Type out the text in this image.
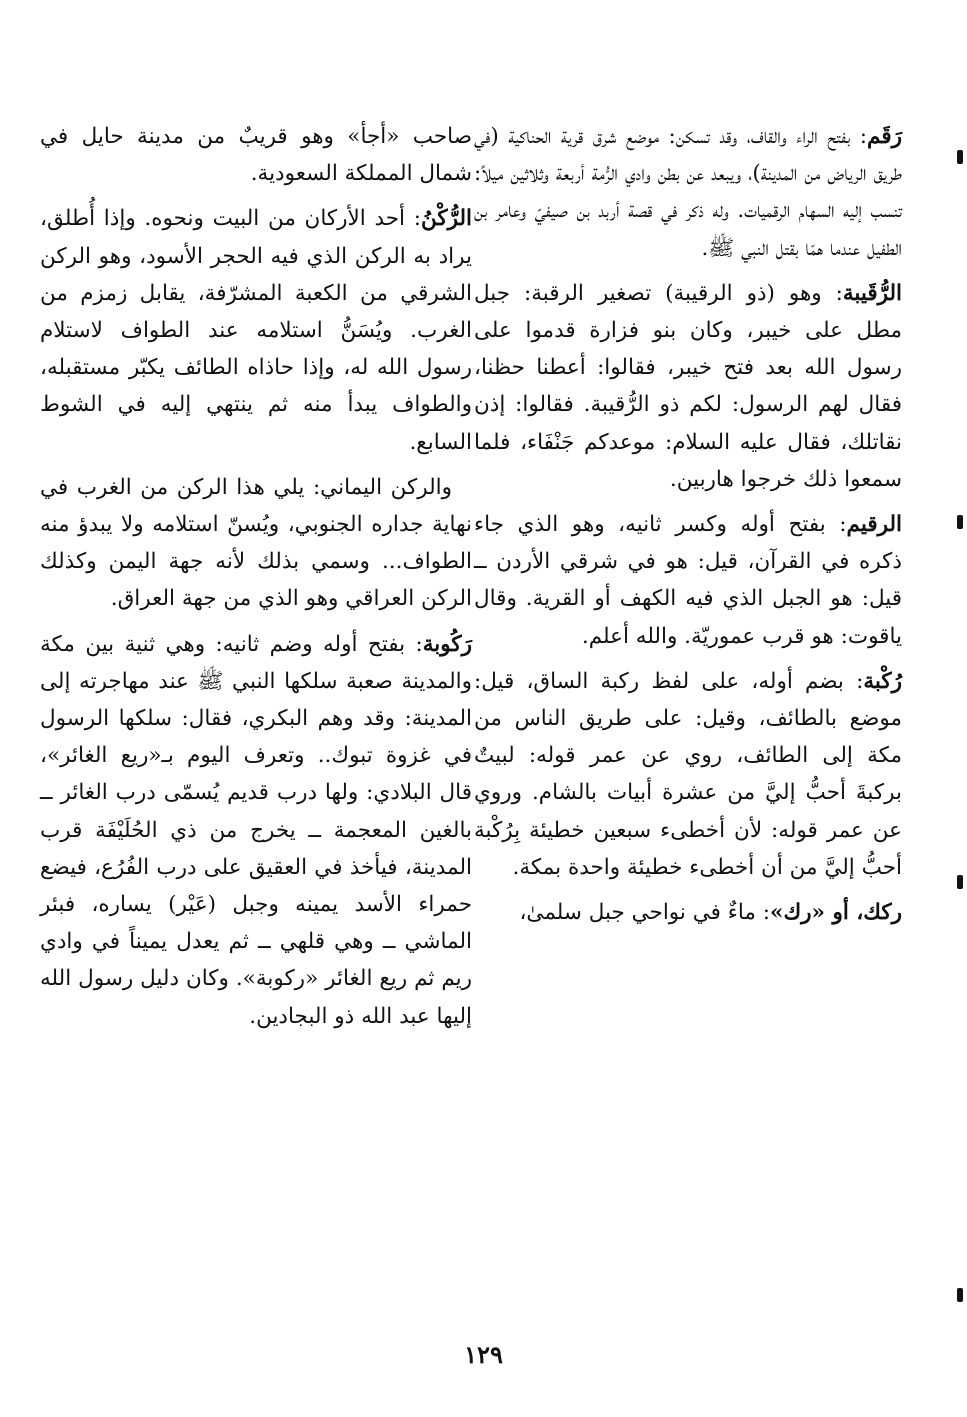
رَقَم: بفتح الراء والقاف، وقد تسكن: موضع شرق قرية الحناكية (في طريق الرياض من المدينة)، ويبعد عن بطن وادي الرُّمة أربعة وثلاثين ميلاً: تنسب إليه السهام الرقميات. وله ذكر في قصة أربد بن صيفيّ وعامر بن الطفيل عندما همّا بقتل النبي ﷺ.

الرُّقَيبة: وهو (ذو الرقيبة) تصغير الرقبة: جبل مطل على خيبر، وكان بنو فزارة قدموا على رسول الله بعد فتح خيبر، فقالوا: أعطنا حظنا، فقال لهم الرسول: لكم ذو الرُّقيبة. فقالوا: إذن نقاتلك، فقال عليه السلام: موعدكم جَنْفَاء، فلما سمعوا ذلك خرجوا هاربين.

الرقيم: بفتح أوله وكسر ثانيه، وهو الذي جاء ذكره في القرآن، قيل: هو في شرقي الأردن ــ قيل: هو الجبل الذي فيه الكهف أو القرية. وقال ياقوت: هو قرب عموريّة. والله أعلم.

رُكْبة: بضم أوله، على لفظ ركبة الساق، قيل: موضع بالطائف، وقيل: على طريق الناس من مكة إلى الطائف، روي عن عمر قوله: لبيتٌ بركبةَ أحبُّ إليَّ من عشرة أبيات بالشام. وروي عن عمر قوله: لأن أخطىء سبعين خطيئة بِرُكْبة أحبُّ إليَّ من أن أخطىء خطيئة واحدة بمكة.

ركك، أو «رك»: ماءٌ في نواحي جبل سلمىٰ،

صاحب «أجأ» وهو قريبٌ من مدينة حايل في شمال المملكة السعودية.

الرُّكْنُ: أحد الأركان من البيت ونحوه. وإذا أُطلق، يراد به الركن الذي فيه الحجر الأسود، وهو الركن الشرقي من الكعبة المشرّفة، يقابل زمزم من الغرب. ويُسَنُّ استلامه عند الطواف لاستلام رسول الله له، وإذا حاذاه الطائف يكبّر مستقبله، والطواف يبدأ منه ثم ينتهي إليه في الشوط السابع.

والركن اليماني: يلي هذا الركن من الغرب في نهاية جداره الجنوبي، ويُسنّ استلامه ولا يبدؤ منه الطواف... وسمي بذلك لأنه جهة اليمن وكذلك الركن العراقي وهو الذي من جهة العراق.

رَكُوبة: بفتح أوله وضم ثانيه: وهي ثنية بين مكة والمدينة صعبة سلكها النبي ﷺ عند مهاجرته إلى المدينة: وقد وهم البكري، فقال: سلكها الرسول في غزوة تبوك.. وتعرف اليوم بـ«ريع الغائر»، قال البلادي: ولها درب قديم يُسمّى درب الغائر ــ بالغين المعجمة ــ يخرج من ذي الحُلَيْفَة قرب المدينة، فيأخذ في العقيق على درب الفُرُع، فيضع حمراء الأسد يمينه وجبل (عَيْر) يساره، فبئر الماشي ــ وهي قلهي ــ ثم يعدل يميناً في وادي ريم ثم ريع الغائر «ركوبة». وكان دليل رسول الله إليها عبد الله ذو البجادين.

١٢٩
